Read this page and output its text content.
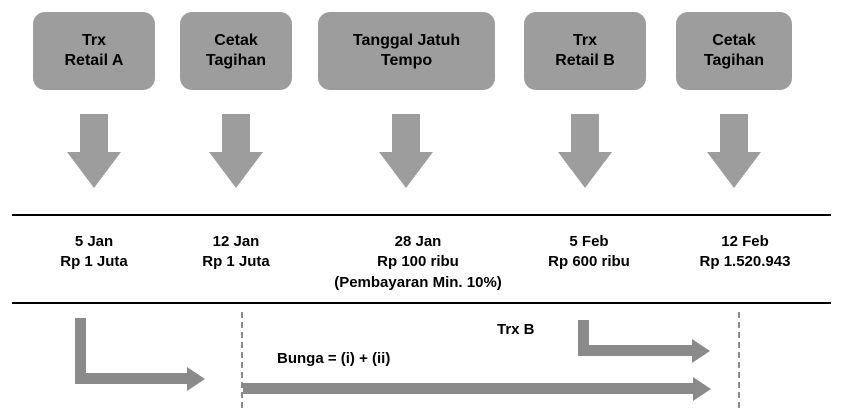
Trx
Retail A
Cetak
Tagihan
Tanggal Jatuh
Tempo
Trx
Retail B
Cetak
Tagihan
5 Jan
Rp 1 Juta
12 Jan
Rp 1 Juta
28 Jan
Rp 100 ribu
(Pembayaran Min. 10%)
5 Feb
Rp 600 ribu
12 Feb
Rp 1.520.943
Bunga = (i) + (ii)
Trx B
